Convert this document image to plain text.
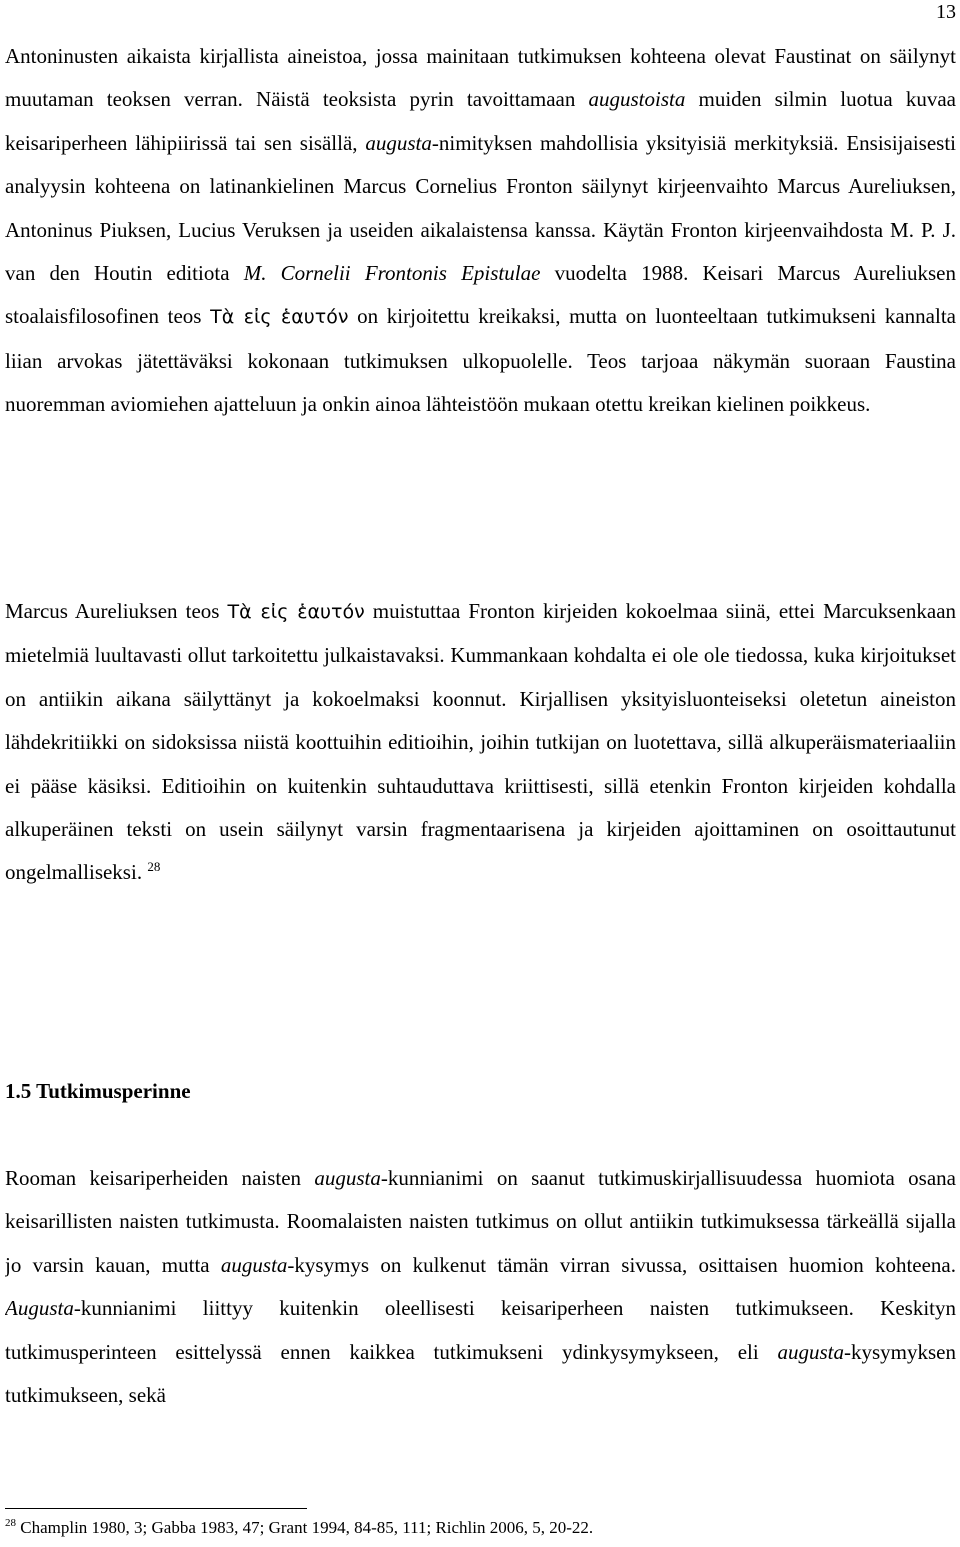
13

Antoninusten aikaista kirjallista aineistoa, jossa mainitaan tutkimuksen kohteena olevat Faustinat on säilynyt muutaman teoksen verran. Näistä teoksista pyrin tavoittamaan augustoista muiden silmin luotua kuvaa keisariperheen lähipiirissä tai sen sisällä, augusta-nimityksen mahdollisia yksityisiä merkityksiä. Ensisijaisesti analyysin kohteena on latinankielinen Marcus Cornelius Fronton säilynyt kirjeenvaihto Marcus Aureliuksen, Antoninus Piuksen, Lucius Veruksen ja useiden aikalaistensa kanssa. Käytän Fronton kirjeenvaihdosta M. P. J. van den Houtin editiota M. Cornelii Frontonis Epistulae vuodelta 1988. Keisari Marcus Aureliuksen stoalaisfilosofinen teos Tὰ εἰς ἑαυτόν on kirjoitettu kreikaksi, mutta on luonteeltaan tutkimukseni kannalta liian arvokas jätettäväksi kokonaan tutkimuksen ulkopuolelle. Teos tarjoaa näkymän suoraan Faustina nuoremman aviomiehen ajatteluun ja onkin ainoa lähteistöön mukaan otettu kreikan kielinen poikkeus.

Marcus Aureliuksen teos Tὰ εἰς ἑαυτόν muistuttaa Fronton kirjeiden kokoelmaa siinä, ettei Marcuksenkaan mietelmiä luultavasti ollut tarkoitettu julkaistavaksi. Kummankaan kohdalta ei ole ole tiedossa, kuka kirjoitukset on antiikin aikana säilyttänyt ja kokoelmaksi koonnut. Kirjallisen yksityisluonteiseksi oletetun aineiston lähdekritiikki on sidoksissa niistä koottuihin editioihin, joihin tutkijan on luotettava, sillä alkuperäismateriaaliin ei pääse käsiksi. Editioihin on kuitenkin suhtauduttava kriittisesti, sillä etenkin Fronton kirjeiden kohdalla alkuperäinen teksti on usein säilynyt varsin fragmentaarisena ja kirjeiden ajoittaminen on osoittautunut ongelmalliseksi. $^{28}$

1.5 Tutkimusperinne

Rooman keisariperheiden naisten augusta-kunnianimi on saanut tutkimuskirjallisuudessa huomiota osana keisarillisten naisten tutkimusta. Roomalaisten naisten tutkimus on ollut antiikin tutkimuksessa tärkeällä sijalla jo varsin kauan, mutta augusta-kysymys on kulkenut tämän virran sivussa, osittaisen huomion kohteena. Augusta-kunnianimi liittyy kuitenkin oleellisesti keisariperheen naisten tutkimukseen. Keskityn tutkimusperinteen esittelyssä ennen kaikkea tutkimukseni ydinkysymykseen, eli augusta-kysymyksen tutkimukseen, sekä

$^{28}$ Champlin 1980, 3; Gabba 1983, 47; Grant 1994, 84-85, 111; Richlin 2006, 5, 20-22.
